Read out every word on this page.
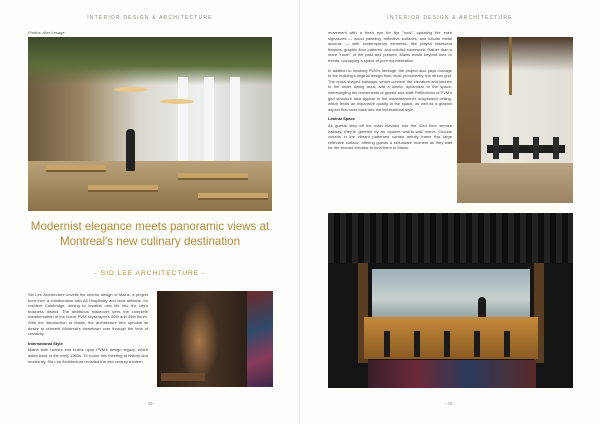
INTERIOR DESIGN & ARCHITECTURE
Photos: Alex Lesage
Modernist elegance meets panoramic views at Montreal's new culinary destination
- SID LEE ARCHITECTURE -

Sid Lee Architecture unveils the interior design of Mains, a project born from a collaboration with A5 Hospitality and local artisans, for resident Cambridge, aiming to breathe new life into the city's business district. The ambitious makeover sees the complete transformation of the iconic PVM skyscraper's 46th and 44th floors. With the introduction of Mains, the architecture firm upholds its desire to reinvent Montreal's downtown core through the lens of creativity.

International Style

Mains both honors and builds upon PVM's design legacy, which dates back to the early 1960s. To evoke this meeting of history and modernity, Sid Lee Architecture revisited the mid-century modern

- 38 -
INTERIOR DESIGN & ARCHITECTURE

movement with a fresh eye for the "now", updating the era's signatures — wood paneling, reflective surfaces, and tubular metal accents — with contemporary elements, like playful iridescent finishes, graphic floor patterns, and colorful stonework. Rather than a mere "room" of the past and present, Mains exists beyond time or trends, occupying a space of pure sophistication.

In addition to invoking PVM's heritage, the project also pays homage to the building's original design flow, most prominently, the atrium grid. The cross-shaped hallways, which connect the elevators and kitchen to the wider dining area, add a kinetic dynamism to the space, intermingling the movements of guests and staff. Reflections of PVM's grid structure also appear in the establishment's suspended ceiling, which lends an expansive quality to the space, as well as a graphic aspect that nods back into the international style.

Liminal Space

As guests step off the main elevator into the 43rd floor service hallway, they're greeted by an opulent wall-to-wall mirror. Circular cutouts in the vibrant patterned curtain artfully frame this large reflective surface, offering guests a self-aware moment as they wait for the second elevator to lead them to Mains.

- 39 -
